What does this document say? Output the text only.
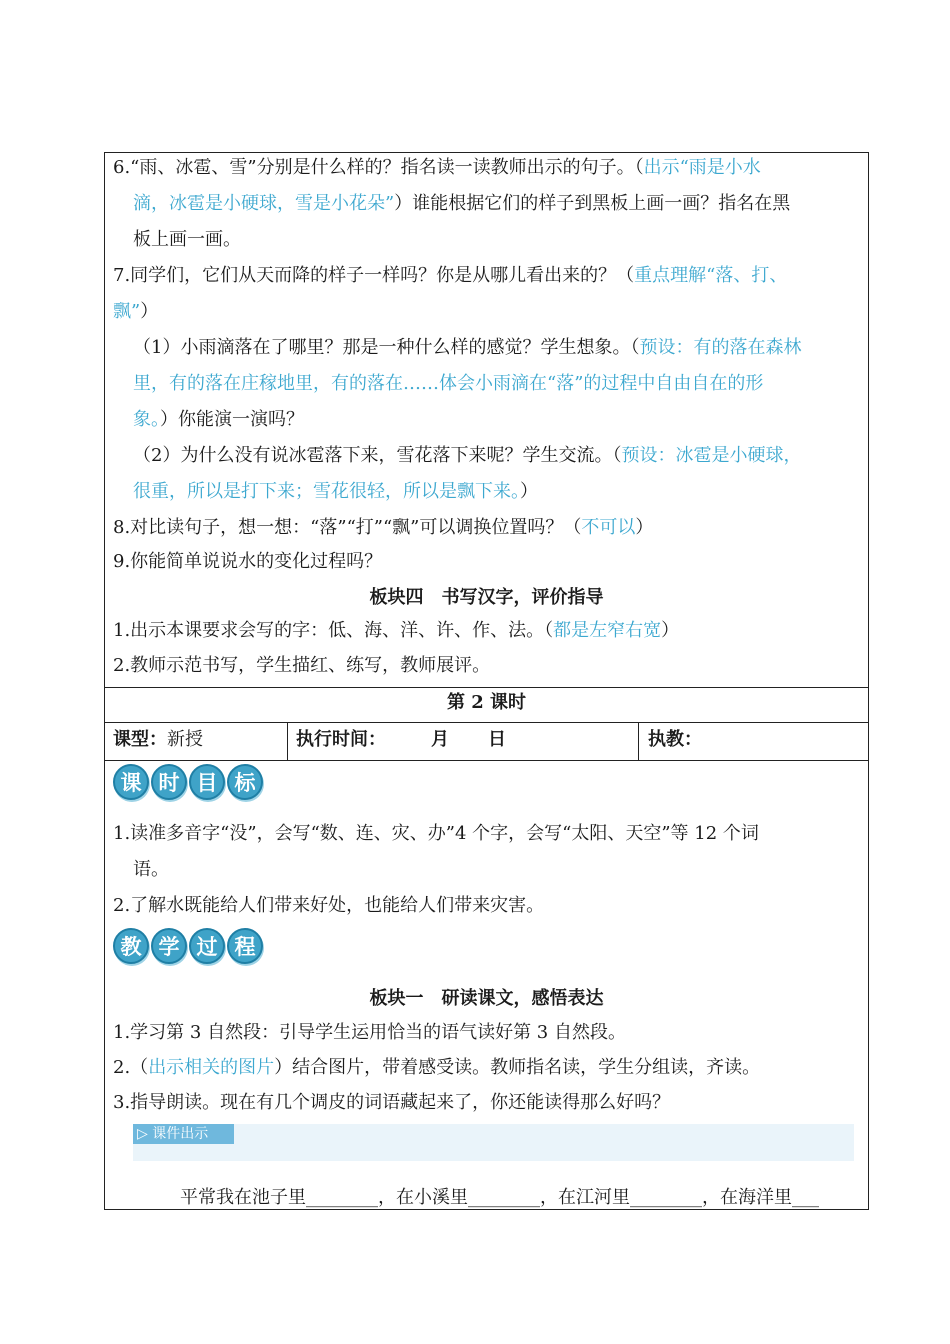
6.“雨、冰雹、雪”分别是什么样的？指名读一读教师出示的句子。（出示“雨是小水
滴，冰雹是小硬球，雪是小花朵”）谁能根据它们的样子到黑板上画一画？指名在黑
板上画一画。
7.同学们，它们从天而降的样子一样吗？你是从哪儿看出来的？（重点理解“落、打、
飘”）
（1）小雨滴落在了哪里？那是一种什么样的感觉？学生想象。（预设：有的落在森林
里，有的落在庄稼地里，有的落在……体会小雨滴在“落”的过程中自由自在的形
象。）你能演一演吗？
（2）为什么没有说冰雹落下来，雪花落下来呢？学生交流。（预设：冰雹是小硬球，
很重，所以是打下来；雪花很轻，所以是飘下来。）
8.对比读句子，想一想：“落”“打”“飘”可以调换位置吗？（不可以）
9.你能简单说说水的变化过程吗？
板块四　书写汉字，评价指导
1.出示本课要求会写的字：低、海、洋、许、作、法。（都是左窄右宽）
2.教师示范书写，学生描红、练写，教师展评。
第 2 课时
课型：新授	执行时间：	月 日	执教：
课 时 目 标
1.读准多音字“没”，会写“数、连、灾、办”4 个字，会写“太阳、天空”等 12 个词
语。
2.了解水既能给人们带来好处，也能给人们带来灾害。
教 学 过 程
板块一　研读课文，感悟表达
1.学习第 3 自然段：引导学生运用恰当的语气读好第 3 自然段。
2.（出示相关的图片）结合图片，带着感受读。教师指名读，学生分组读，齐读。
3.指导朗读。现在有几个调皮的词语藏起来了，你还能读得那么好吗？
▷ 课件出示
平常我在池子里________，在小溪里________，在江河里________，在海洋里___
